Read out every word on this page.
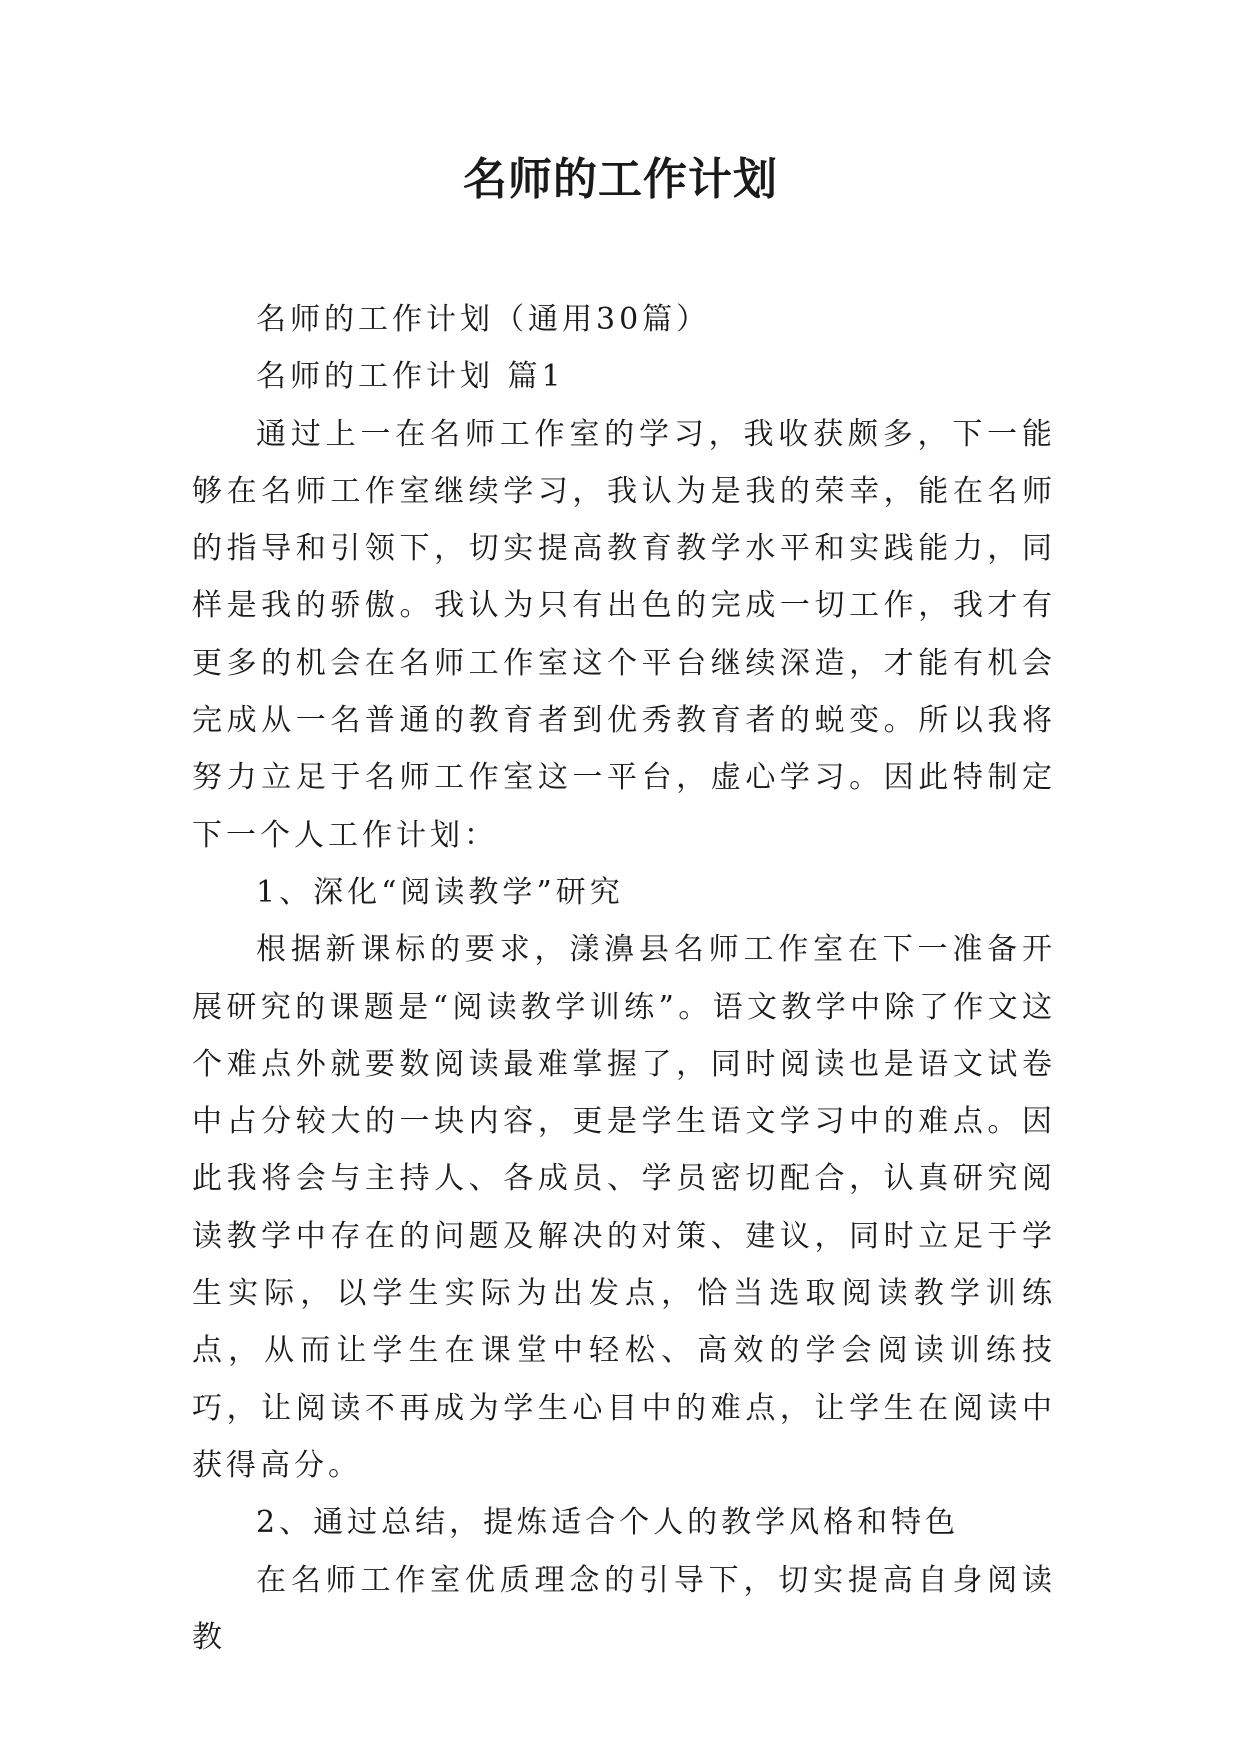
名师的工作计划

名师的工作计划（通用30篇）

名师的工作计划 篇1

通过上一在名师工作室的学习，我收获颇多，下一能够在名师工作室继续学习，我认为是我的荣幸，能在名师的指导和引领下，切实提高教育教学水平和实践能力，同样是我的骄傲。我认为只有出色的完成一切工作，我才有更多的机会在名师工作室这个平台继续深造，才能有机会完成从一名普通的教育者到优秀教育者的蜕变。所以我将努力立足于名师工作室这一平台，虚心学习。因此特制定下一个人工作计划：

1、深化“阅读教学”研究

根据新课标的要求，漾濞县名师工作室在下一准备开展研究的课题是“阅读教学训练”。语文教学中除了作文这个难点外就要数阅读最难掌握了，同时阅读也是语文试卷中占分较大的一块内容，更是学生语文学习中的难点。因此我将会与主持人、各成员、学员密切配合，认真研究阅读教学中存在的问题及解决的对策、建议，同时立足于学生实际，以学生实际为出发点，恰当选取阅读教学训练点，从而让学生在课堂中轻松、高效的学会阅读训练技巧，让阅读不再成为学生心目中的难点，让学生在阅读中获得高分。

2、通过总结，提炼适合个人的教学风格和特色

在名师工作室优质理念的引导下，切实提高自身阅读教
